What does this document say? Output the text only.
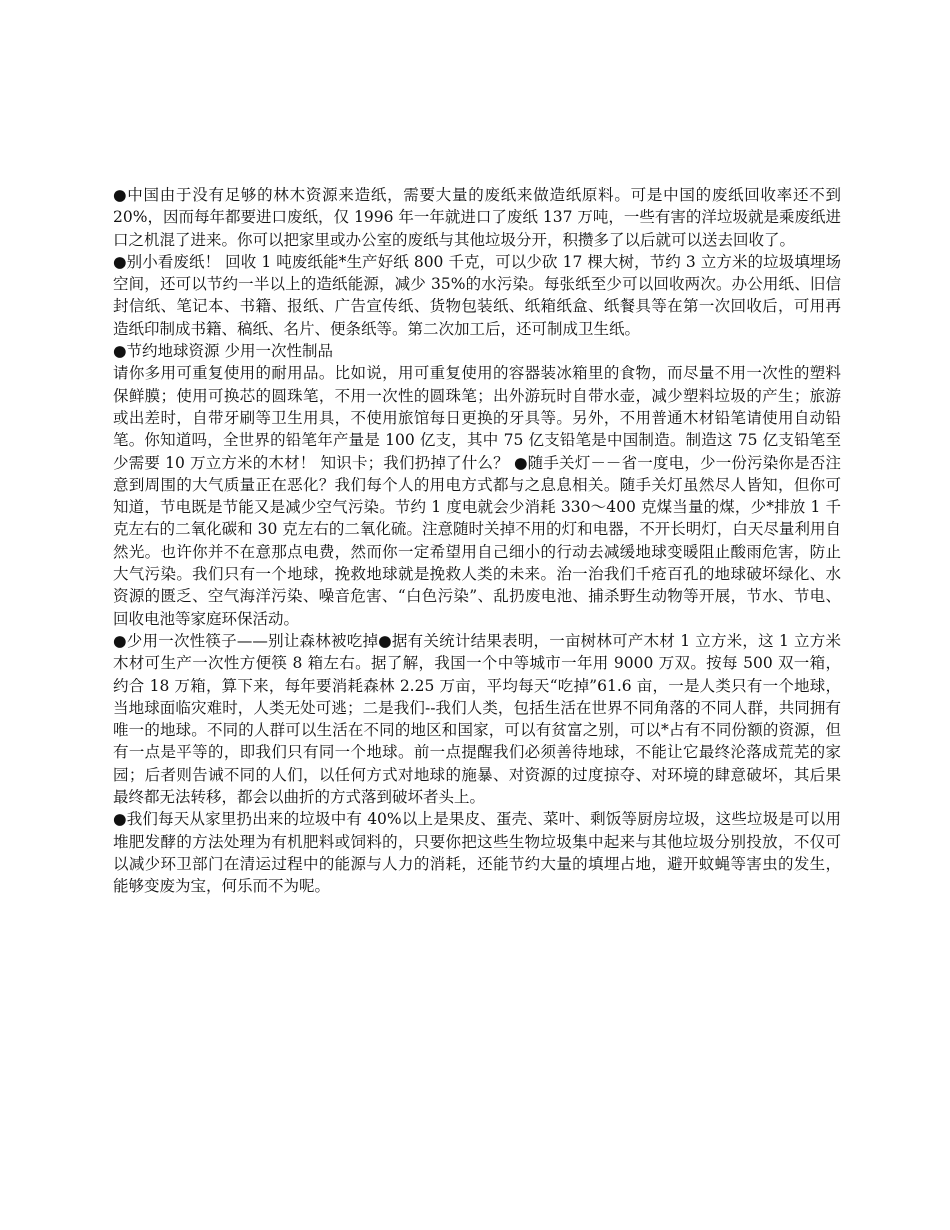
●中国由于没有足够的林木资源来造纸，需要大量的废纸来做造纸原料。可是中国的废纸回收率还不到 20%，因而每年都要进口废纸，仅 1996 年一年就进口了废纸 137 万吨，一些有害的洋垃圾就是乘废纸进口之机混了进来。你可以把家里或办公室的废纸与其他垃圾分开，积攒多了以后就可以送去回收了。

●别小看废纸！ 回收 1 吨废纸能*生产好纸 800 千克，可以少砍 17 棵大树，节约 3 立方米的垃圾填埋场空间，还可以节约一半以上的造纸能源，减少 35%的水污染。每张纸至少可以回收两次。办公用纸、旧信封信纸、笔记本、书籍、报纸、广告宣传纸、货物包装纸、纸箱纸盒、纸餐具等在第一次回收后，可用再造纸印制成书籍、稿纸、名片、便条纸等。第二次加工后，还可制成卫生纸。

●节约地球资源 少用一次性制品

请你多用可重复使用的耐用品。比如说，用可重复使用的容器装冰箱里的食物，而尽量不用一次性的塑料保鲜膜；使用可换芯的圆珠笔，不用一次性的圆珠笔；出外游玩时自带水壶，减少塑料垃圾的产生；旅游或出差时，自带牙刷等卫生用具，不使用旅馆每日更换的牙具等。另外，不用普通木材铅笔请使用自动铅笔。你知道吗，全世界的铅笔年产量是 100 亿支，其中 75 亿支铅笔是中国制造。制造这 75 亿支铅笔至少需要 10 万立方米的木材！ 知识卡；我们扔掉了什么？ ●随手关灯－－省一度电，少一份污染你是否注意到周围的大气质量正在恶化？我们每个人的用电方式都与之息息相关。随手关灯虽然尽人皆知，但你可知道，节电既是节能又是减少空气污染。节约 1 度电就会少消耗 330～400 克煤当量的煤，少*排放 1 千克左右的二氧化碳和 30 克左右的二氧化硫。注意随时关掉不用的灯和电器，不开长明灯，白天尽量利用自然光。也许你并不在意那点电费，然而你一定希望用自己细小的行动去减缓地球变暖阻止酸雨危害，防止大气污染。我们只有一个地球，挽救地球就是挽救人类的未来。治一治我们千疮百孔的地球破坏绿化、水资源的匮乏、空气海洋污染、噪音危害、“白色污染”、乱扔废电池、捕杀野生动物等开展，节水、节电、回收电池等家庭环保活动。

●少用一次性筷子——别让森林被吃掉●据有关统计结果表明，一亩树林可产木材 1 立方米，这 1 立方米木材可生产一次性方便筷 8 箱左右。据了解，我国一个中等城市一年用 9000 万双。按每 500 双一箱，约合 18 万箱，算下来，每年要消耗森林 2.25 万亩，平均每天“吃掉”61.6 亩，一是人类只有一个地球，当地球面临灾难时，人类无处可逃；二是我们--我们人类，包括生活在世界不同角落的不同人群，共同拥有唯一的地球。不同的人群可以生活在不同的地区和国家，可以有贫富之别，可以*占有不同份额的资源，但有一点是平等的，即我们只有同一个地球。前一点提醒我们必须善待地球，不能让它最终沦落成荒芜的家园；后者则告诫不同的人们，以任何方式对地球的施暴、对资源的过度掠夺、对环境的肆意破坏，其后果最终都无法转移，都会以曲折的方式落到破坏者头上。

●我们每天从家里扔出来的垃圾中有 40%以上是果皮、蛋壳、菜叶、剩饭等厨房垃圾，这些垃圾是可以用堆肥发酵的方法处理为有机肥料或饲料的，只要你把这些生物垃圾集中起来与其他垃圾分别投放，不仅可以减少环卫部门在清运过程中的能源与人力的消耗，还能节约大量的填埋占地，避开蚊蝇等害虫的发生，能够变废为宝，何乐而不为呢。
